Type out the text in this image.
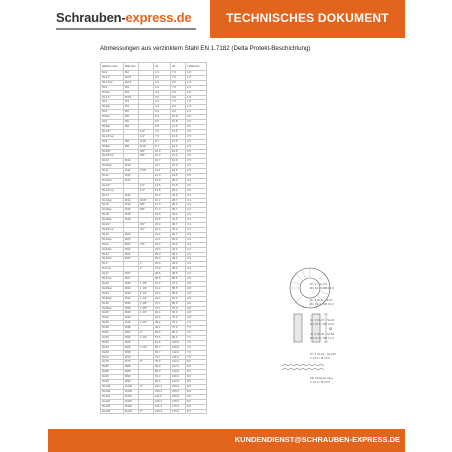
Schrauben-express.de	TECHNISCHES DOKUMENT
Abmessungen aus verzinktem Stahl EN 1.7182 (Delta Protekt-Beschichtung)
Washer size	Bolt size		d1	d2	Thickness
NL2	M2		2.4	7.0	1.8
NL2.5	M2.5		3.0	7.6	1.8
NL2.5sp	M2.5		3.0	9.0	1.8
NL3	M3		3.4	7.0	1.8
NL3sp	M3		3.4	9.0	1.8
NL3.5	M3.5		3.9	9.0	1.8
NL4	M4		4.4	7.6	1.8
NL4sp	M4		4.4	9.0	1.8
NL5	M5		5.4	9.0	1.8
NL5sp	M5		5.4	10.8	2.5
NL6	M6		6.5	10.8	2.5
NL6sp	M6		6.5	13.5	2.5
NL1/4"		1/4"	7.0	13.5	2.5
NL1/4"sp		1/4"	7.0	16.6	2.5
NL8	M8	5/16"	8.7	13.5	2.5
NL8sp	M8	5/16"	8.7	16.6	2.5
NL3/8"		3/8"	10.3	16.6	2.5
NL3/8"sp		3/8"	10.3	21.0	2.5
NL10	M10		10.7	16.6	2.5
NL10sp	M10		10.7	21.0	2.5
NL11	M11	7/16"	11.4	18.5	2.5
NL12	M12		13.0	19.5	2.5
NL12sp	M12		13.0	25.4	3.4
NL1/2"		1/2"	13.5	19.5	2.5
NL1/2"sp		1/2"	13.5	25.4	3.4
NL14	M14		15.2	23.0	3.4
NL14sp	M14	9/16"	15.2	28.7	3.4
NL16	M16	5/8"	17.0	25.4	3.4
NL16sp	M16	5/8"	17.0	30.7	3.4
NL18	M18		19.5	29.0	3.4
NL18sp	M18		19.5	34.5	3.4
NL3/4"		3/4"	20.3	30.7	3.4
NL3/4"sp		3/4"	20.3	39.0	3.4
NL20	M20		21.4	30.7	3.4
NL20sp	M20		21.4	39.0	3.4
NL22	M22	7/8"	23.4	34.5	3.4
NL22sp	M22		23.4	42.0	3.4
NL24	M24		25.3	39.0	3.4
NL24sp	M24		25.3	48.5	3.4
NL1"		1"	26.0	39.0	3.4
NL1"sp		1"	27.0	48.5	3.4
NL27	M27		28.5	48.5	3.4
NL27sp	M27		28.5	58.5	4.8
NL30	M30	1 1/8"	31.4	47.0	4.8
NL30sp	M30	1 1/4"	31.4	58.5	4.8
NL33	M33	1 1/4"	34.4	58.5	4.8
NL33sp	M33	1 1/4"	34.4	63.0	4.8
NL36	M36	1 3/8"	37.4	58.5	4.8
NL36sp	M36	1 3/8"	37.4	70.0	4.8
NL39	M39	1 1/2"	40.4	63.0	4.8
NL42	M42		43.4	70.0	4.8
NL45	M45	1 3/4"	46.4	75.0	7.0
NL48	M48		49.4	75.0	7.0
NL52	M52	2"	53.6	85.0	7.0
NL56	M56	2 1/4"	57.6	90.0	7.0
NL60	M60		61.6	100.0	7.0
NL64	M64	2 1/2"	65.7	105.0	7.0
NL68	M68		69.7	110.0	7.0
NL72	M72		73.7	115.0	7.0
NL76	M76	3"	78.3	122.0	8.0
NL80	M80		82.3	127.0	8.0
NL85	M85		86.3	130.0	8.0
NL90	M90		91.3	136.0	8.0
NL95	M95		96.4	140.0	8.0
NL100	M100	4"	101.4	150.0	8.0
NL105	M105		106.4	155.0	8.0
NL110	M110		111.4	160.0	8.0
NL115	M115		116.4	165.0	8.0
NL120	M120		121.4	170.0	8.0
NL125	M125	5"	126.4	175.0	8.0
Ø
Nr. 1 - NL3-6
Ø1 ±0.2 / Ø2 ±0.3
Nr. 2 NL8 - NL24
Ø1 ±0.3 / Ø2 ±0.4
Nr. 3 NL27 - NL42
Ø1 ±0.5 / Ø2 ±0.8
Nr. 4 NL45 - NL60
Ø1 ±0.8 / Ø2 ±1.0
Nr. 5 NL64 - NL125
T ±0.2 / Ø ±0.5
Mit Keilsicherung
T ±0.2 / Ø ±0.5
KUNDENDIENST@SCHRAUBEN-EXPRESS.DE
